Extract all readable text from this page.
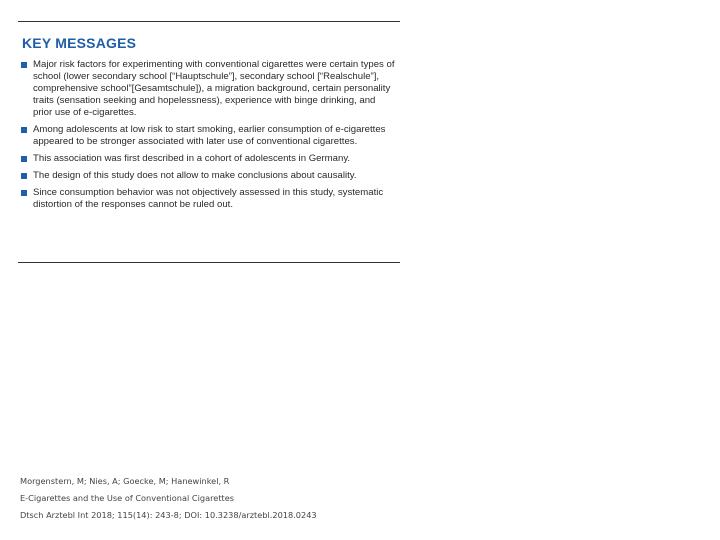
KEY MESSAGES
Major risk factors for experimenting with conventional cigarettes were certain types of school (lower secondary school [“Hauptschule”], secondary school [“Realschule”], comprehensive school”[Gesamtschule]), a migration background, certain personality traits (sensation seeking and hopelessness), experience with binge drinking, and prior use of e-cigarettes.
Among adolescents at low risk to start smoking, earlier consumption of e-cigarettes appeared to be stronger associated with later use of conventional cigarettes.
This association was first described in a cohort of adolescents in Germany.
The design of this study does not allow to make conclusions about causality.
Since consumption behavior was not objectively assessed in this study, systematic distortion of the responses cannot be ruled out.
Morgenstern, M; Nies, A; Goecke, M; Hanewinkel, R
E-Cigarettes and the Use of Conventional Cigarettes
Dtsch Arztebl Int 2018; 115(14): 243-8; DOI: 10.3238/arztebl.2018.0243
